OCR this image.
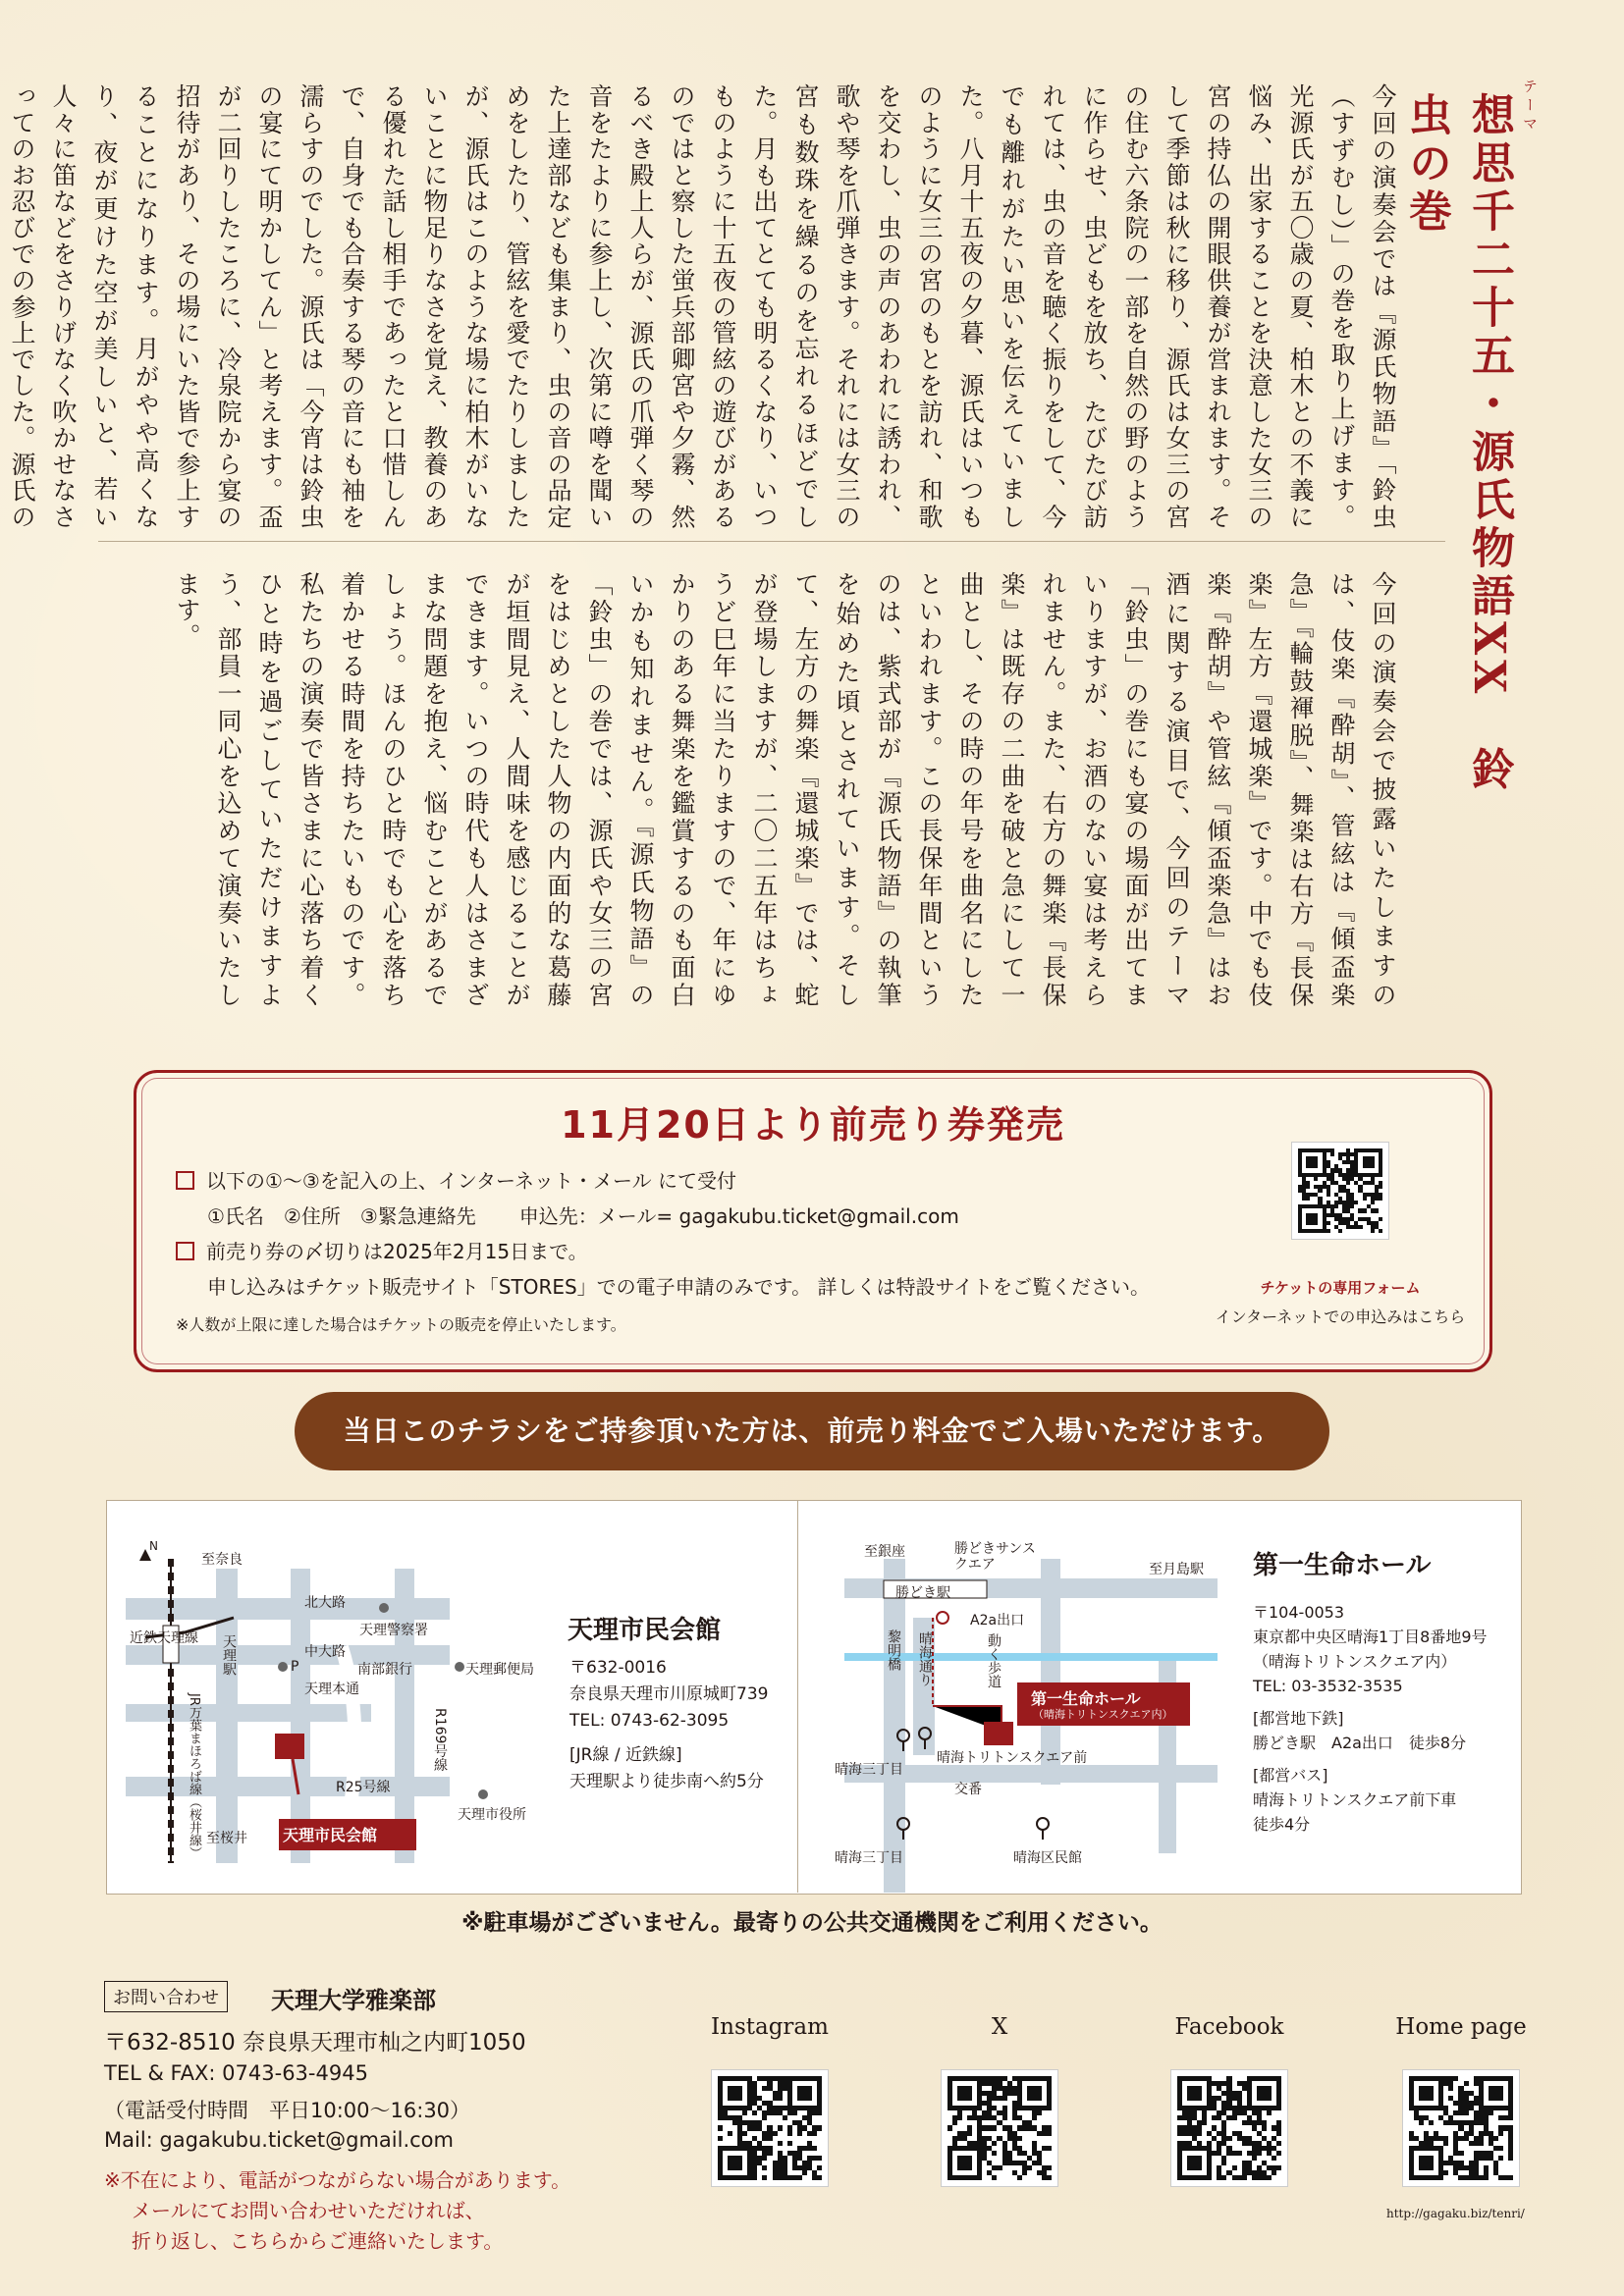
テーマ
想思千二十五・源氏物語XX　鈴虫の巻
今回の演奏会では『源氏物語』「鈴虫（すずむし）」の巻を取り上げます。光源氏が五〇歳の夏、柏木との不義に悩み、出家することを決意した女三の宮の持仏の開眼供養が営まれます。そして季節は秋に移り、源氏は女三の宮の住む六条院の一部を自然の野のように作らせ、虫どもを放ち、たびたび訪れては、虫の音を聴く振りをして、今でも離れがたい思いを伝えていました。八月十五夜の夕暮、源氏はいつものように女三の宮のもとを訪れ、和歌を交わし、虫の声のあわれに誘われ、歌や琴を爪弾きます。それには女三の宮も数珠を繰るのを忘れるほどでした。月も出てとても明るくなり、いつものように十五夜の管絃の遊びがあるのではと察した蛍兵部卿宮や夕霧、然るべき殿上人らが、源氏の爪弾く琴の音をたよりに参上し、次第に噂を聞いた上達部なども集まり、虫の音の品定めをしたり、管絃を愛でたりしましたが、源氏はこのような場に柏木がいないことに物足りなさを覚え、教養のある優れた話し相手であったと口惜しんで、自身でも合奏する琴の音にも袖を濡らすのでした。源氏は「今宵は鈴虫の宴にて明かしてん」と考えます。盃が二回りしたころに、冷泉院から宴の招待があり、その場にいた皆で参上することになります。月がやや高くなり、夜が更けた空が美しいと、若い人々に笛などをさりげなく吹かせなさってのお忍びでの参上でした。源氏の
今回の演奏会で披露いたしますのは、伎楽『酔胡』、管絃は『傾盃楽急』『輪鼓褌脱』、舞楽は右方『長保楽』左方『還城楽』です。中でも伎楽『酔胡』や管絃『傾盃楽急』はお酒に関する演目で、今回のテーマ「鈴虫」の巻にも宴の場面が出てまいりますが、お酒のない宴は考えられません。また、右方の舞楽『長保楽』は既存の二曲を破と急にして一曲とし、その時の年号を曲名にしたといわれます。この長保年間というのは、紫式部が『源氏物語』の執筆を始めた頃とされています。そして、左方の舞楽『還城楽』では、蛇が登場しますが、二〇二五年はちょうど巳年に当たりますので、年にゆかりのある舞楽を鑑賞するのも面白いかも知れません。『源氏物語』の「鈴虫」の巻では、源氏や女三の宮をはじめとした人物の内面的な葛藤が垣間見え、人間味を感じることができます。いつの時代も人はさまざまな問題を抱え、悩むことがあるでしょう。ほんのひと時でも心を落ち着かせる時間を持ちたいものです。私たちの演奏で皆さまに心落ち着くひと時を過ごしていただけますよう、部員一同心を込めて演奏いたします。
11月20日より前売り券発売
以下の①～③を記入の上、インターネット・メール にて受付
①氏名　②住所　③緊急連絡先 申込先：メール= gagakubu.ticket@gmail.com
前売り券の〆切りは2025年2月15日まで。
申し込みはチケット販売サイト「STORES」での電子申請のみです。 詳しくは特設サイトをご覧ください。
※人数が上限に達した場合はチケットの販売を停止いたします。
チケットの専用フォーム
インターネットでの申込みはこちら
当日このチラシをご持参頂いた方は、前売り料金でご入場いただけます。
N
至奈良
近鉄天理線 天理駅
JR万葉まほろば線（桜井線）
北大路
天理警察署
中大路
南部銀行	天理郵便局
天理本通
R169号線
R25号線
天理市役所
至桜井
P
天理市民会館
天理市民会館
〒632-0016
奈良県天理市川原城町739
TEL: 0743-62-3095
[JR線 / 近鉄線]
天理駅より徒歩南へ約5分
至銀座	勝どきサンスクエア	至月島駅
勝どき駅
A2a出口
黎明橋 晴海通り	動く歩道
晴海トリトンスクエア前
晴海三丁目
交番
晴海三丁目	晴海区民館
第一生命ホール
（晴海トリトンスクエア内）
第一生命ホール
〒104-0053
東京都中央区晴海1丁目8番地9号
（晴海トリトンスクエア内）
TEL: 03-3532-3535
[都営地下鉄]
勝どき駅　A2a出口　徒歩8分
[都営バス]
晴海トリトンスクエア前下車
徒歩4分
※駐車場がございません。最寄りの公共交通機関をご利用ください。
お問い合わせ	天理大学雅楽部
〒632-8510 奈良県天理市杣之内町1050
TEL & FAX: 0743-63-4945
（電話受付時間　平日10:00～16:30）
Mail: gagakubu.ticket@gmail.com
※不在により、電話がつながらない場合があります。
メールにてお問い合わせいただければ、
折り返し、こちらからご連絡いたします。
Instagram	X	Facebook	Home page
http://gagaku.biz/tenri/
